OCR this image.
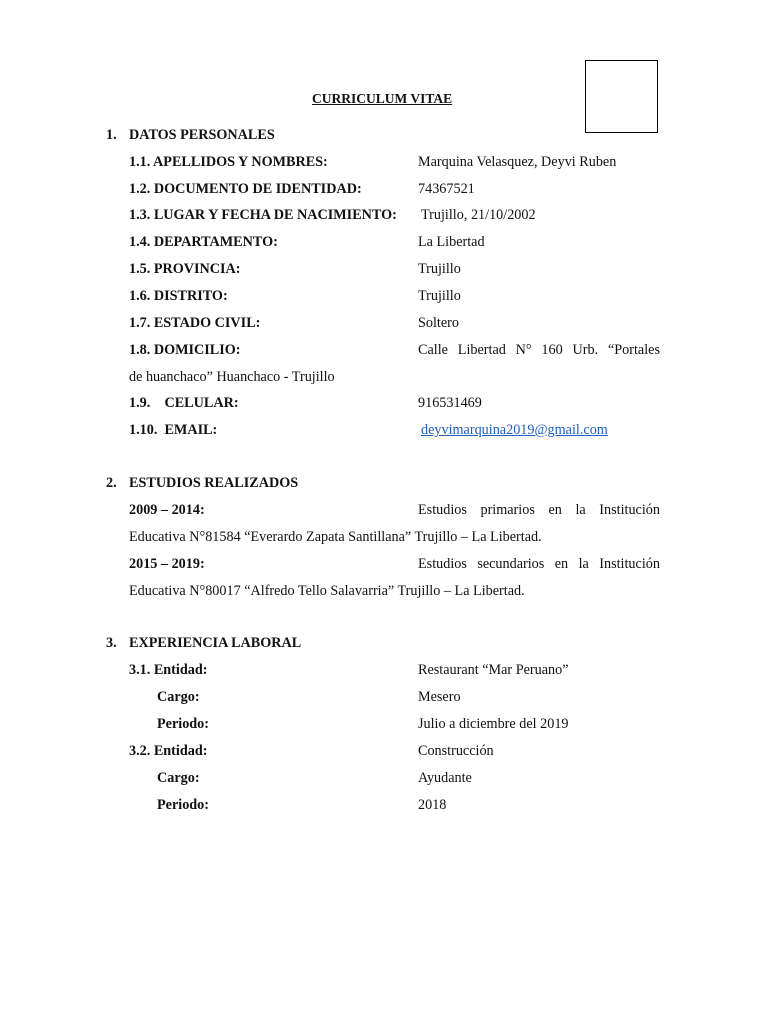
CURRICULUM VITAE
1. DATOS PERSONALES
1.1. APELLIDOS Y NOMBRES:	Marquina Velasquez, Deyvi Ruben
1.2. DOCUMENTO DE IDENTIDAD:	74367521
1.3. LUGAR Y FECHA DE NACIMIENTO: Trujillo, 21/10/2002
1.4. DEPARTAMENTO:	La Libertad
1.5. PROVINCIA:	Trujillo
1.6. DISTRITO:	Trujillo
1.7. ESTADO CIVIL:	Soltero
1.8. DOMICILIO:	Calle Libertad N° 160 Urb. “Portales
de huanchaco” Huanchaco - Trujillo
1.9.    CELULAR:	916531469
1.10.  EMAIL:	deyvimarquina2019@gmail.com
2. ESTUDIOS REALIZADOS
2009 – 2014:	Estudios primarios en la Institución
Educativa N°81584 “Everardo Zapata Santillana” Trujillo – La Libertad.
2015 – 2019:	Estudios secundarios en la Institución
Educativa N°80017 “Alfredo Tello Salavarria” Trujillo – La Libertad.
3. EXPERIENCIA LABORAL
3.1. Entidad:	Restaurant “Mar Peruano”
Cargo:	Mesero
Periodo:	Julio a diciembre del 2019
3.2. Entidad:	Construcción
Cargo:	Ayudante
Periodo:	2018
